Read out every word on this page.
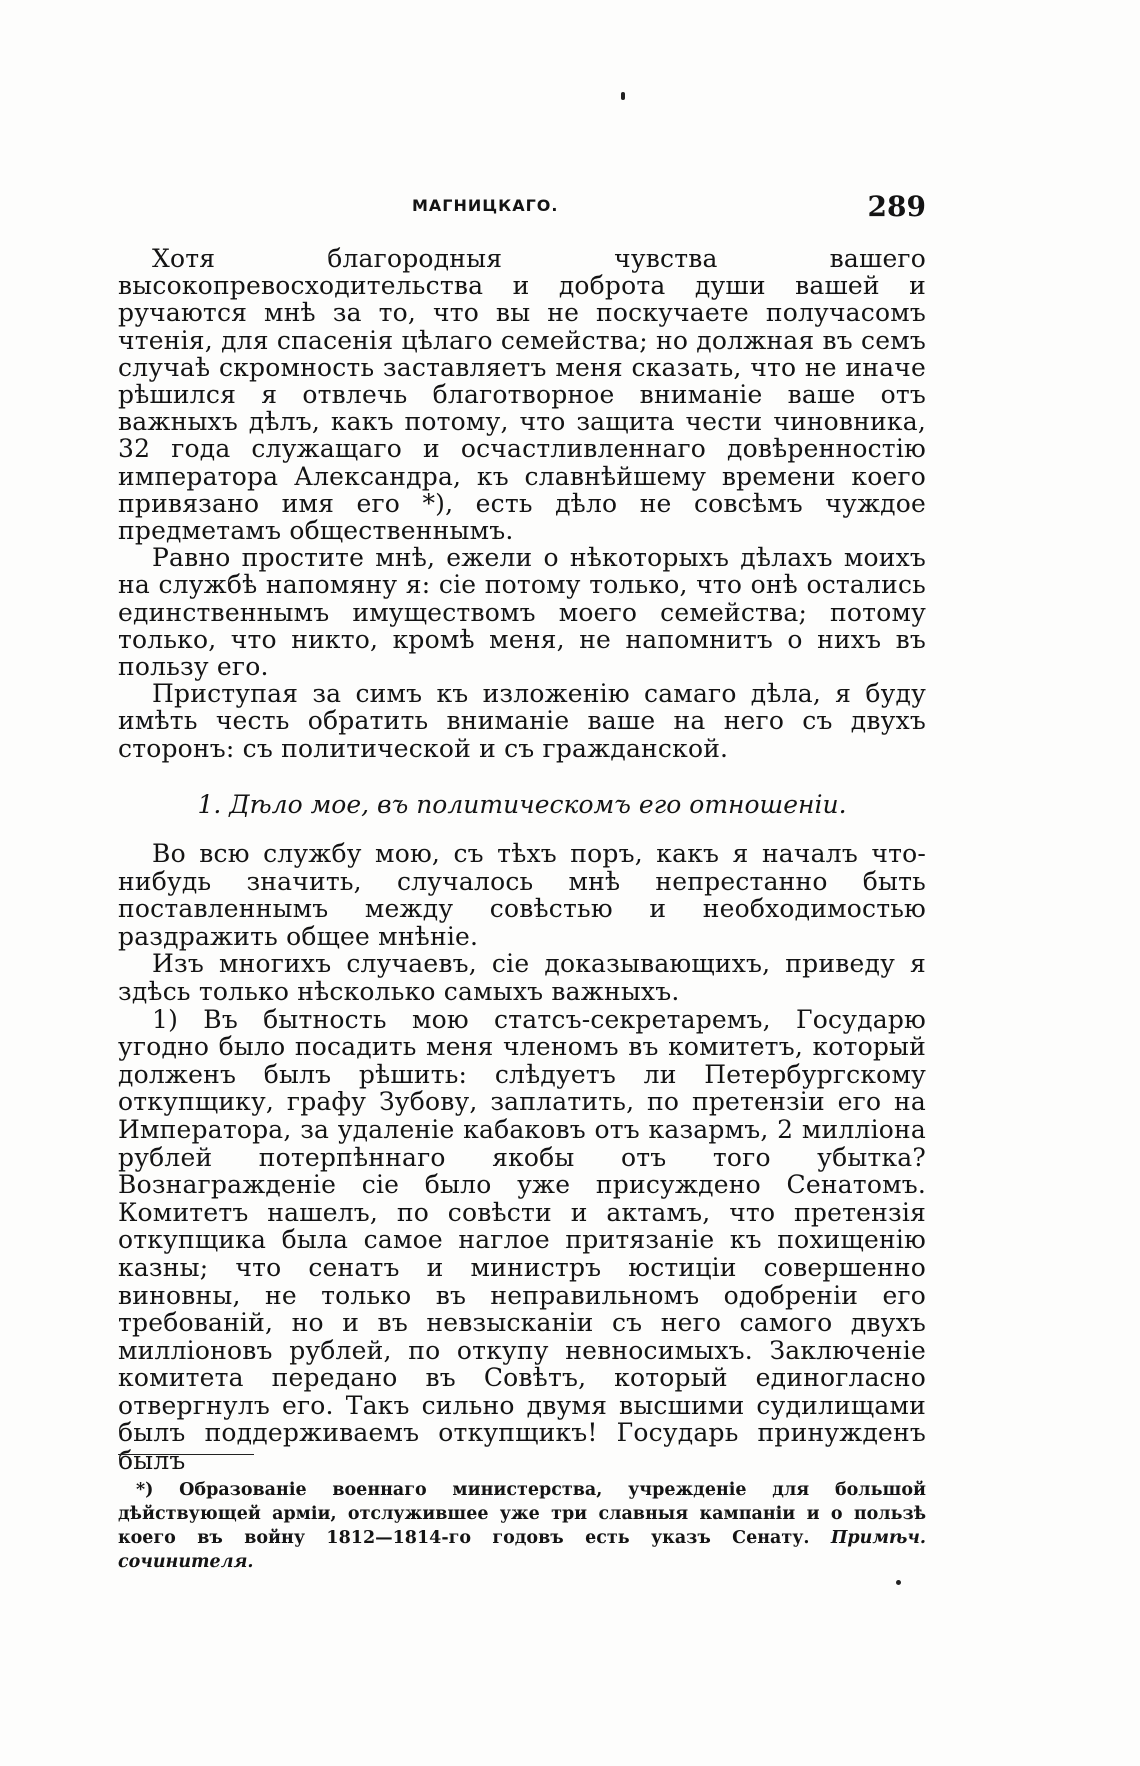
МАГНИЦКАГО.	289

Хотя благородныя чувства вашего высокопревосходительства и доброта души вашей и ручаются мнѣ за то, что вы не поскучаете получасомъ чтенія, для спасенія цѣлаго семейства; но должная въ семъ случаѣ скромность заставляетъ меня сказать, что не иначе рѣшился я отвлечь благотворное вниманіе ваше отъ важныхъ дѣлъ, какъ потому, что защита чести чиновника, 32 года служащаго и осчастливленнаго довѣренностію императора Александра, къ славнѣйшему времени коего привязано имя его *), есть дѣло не совсѣмъ чуждое предметамъ общественнымъ.

Равно простите мнѣ, ежели о нѣкоторыхъ дѣлахъ моихъ на службѣ напомяну я: сіе потому только, что онѣ остались единственнымъ имуществомъ моего семейства; потому только, что никто, кромѣ меня, не напомнитъ о нихъ въ пользу его.

Приступая за симъ къ изложенію самаго дѣла, я буду имѣть честь обратить вниманіе ваше на него съ двухъ сторонъ: съ политической и съ гражданской.

1. Дѣло мое, въ политическомъ его отношеніи.

Во всю службу мою, съ тѣхъ поръ, какъ я началъ что-нибудь значить, случалось мнѣ непрестанно быть поставленнымъ между совѣстью и необходимостью раздражить общее мнѣніе.

Изъ многихъ случаевъ, сіе доказывающихъ, приведу я здѣсь только нѣсколько самыхъ важныхъ.

1) Въ бытность мою статсъ-секретаремъ, Государю угодно было посадить меня членомъ въ комитетъ, который долженъ былъ рѣшить: слѣдуетъ ли Петербургскому откупщику, графу Зубову, заплатить, по претензіи его на Императора, за удаленіе кабаковъ отъ казармъ, 2 милліона рублей потерпѣннаго якобы отъ того убытка? Вознагражденіе сіе было уже присуждено Сенатомъ. Комитетъ нашелъ, по совѣсти и актамъ, что претензія откупщика была самое наглое притязаніе къ похищенію казны; что сенатъ и министръ юстиціи совершенно виновны, не только въ неправильномъ одобреніи его требованій, но и въ невзысканіи съ него самого двухъ милліоновъ рублей, по откупу невносимыхъ. Заключеніе комитета передано въ Совѣтъ, который единогласно отвергнулъ его. Такъ сильно двумя высшими судилищами былъ поддерживаемъ откупщикъ! Государь принужденъ былъ

*) Образованіе военнаго министерства, учрежденіе для большой дѣйствующей арміи, отслужившее уже три славныя кампаніи и о пользѣ коего въ войну 1812—1814-го годовъ есть указъ Сенату. Примѣч. сочинителя.
